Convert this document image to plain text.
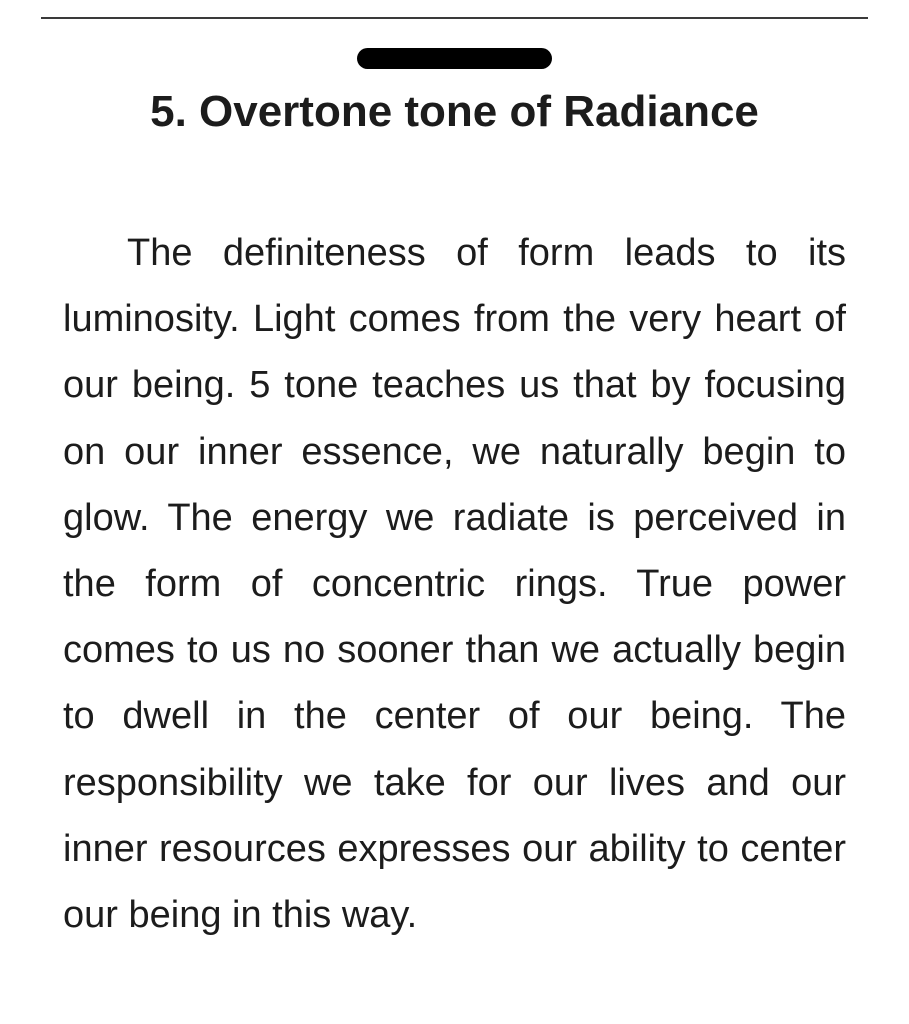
5. Overtone tone of Radiance

The definiteness of form leads to its luminosity. Light comes from the very heart of our being. 5 tone teaches us that by focusing on our inner essence, we naturally begin to glow. The energy we radiate is perceived in the form of concentric rings. True power comes to us no sooner than we actually begin to dwell in the center of our being. The responsibility we take for our lives and our inner resources expresses our ability to center our being in this way.
